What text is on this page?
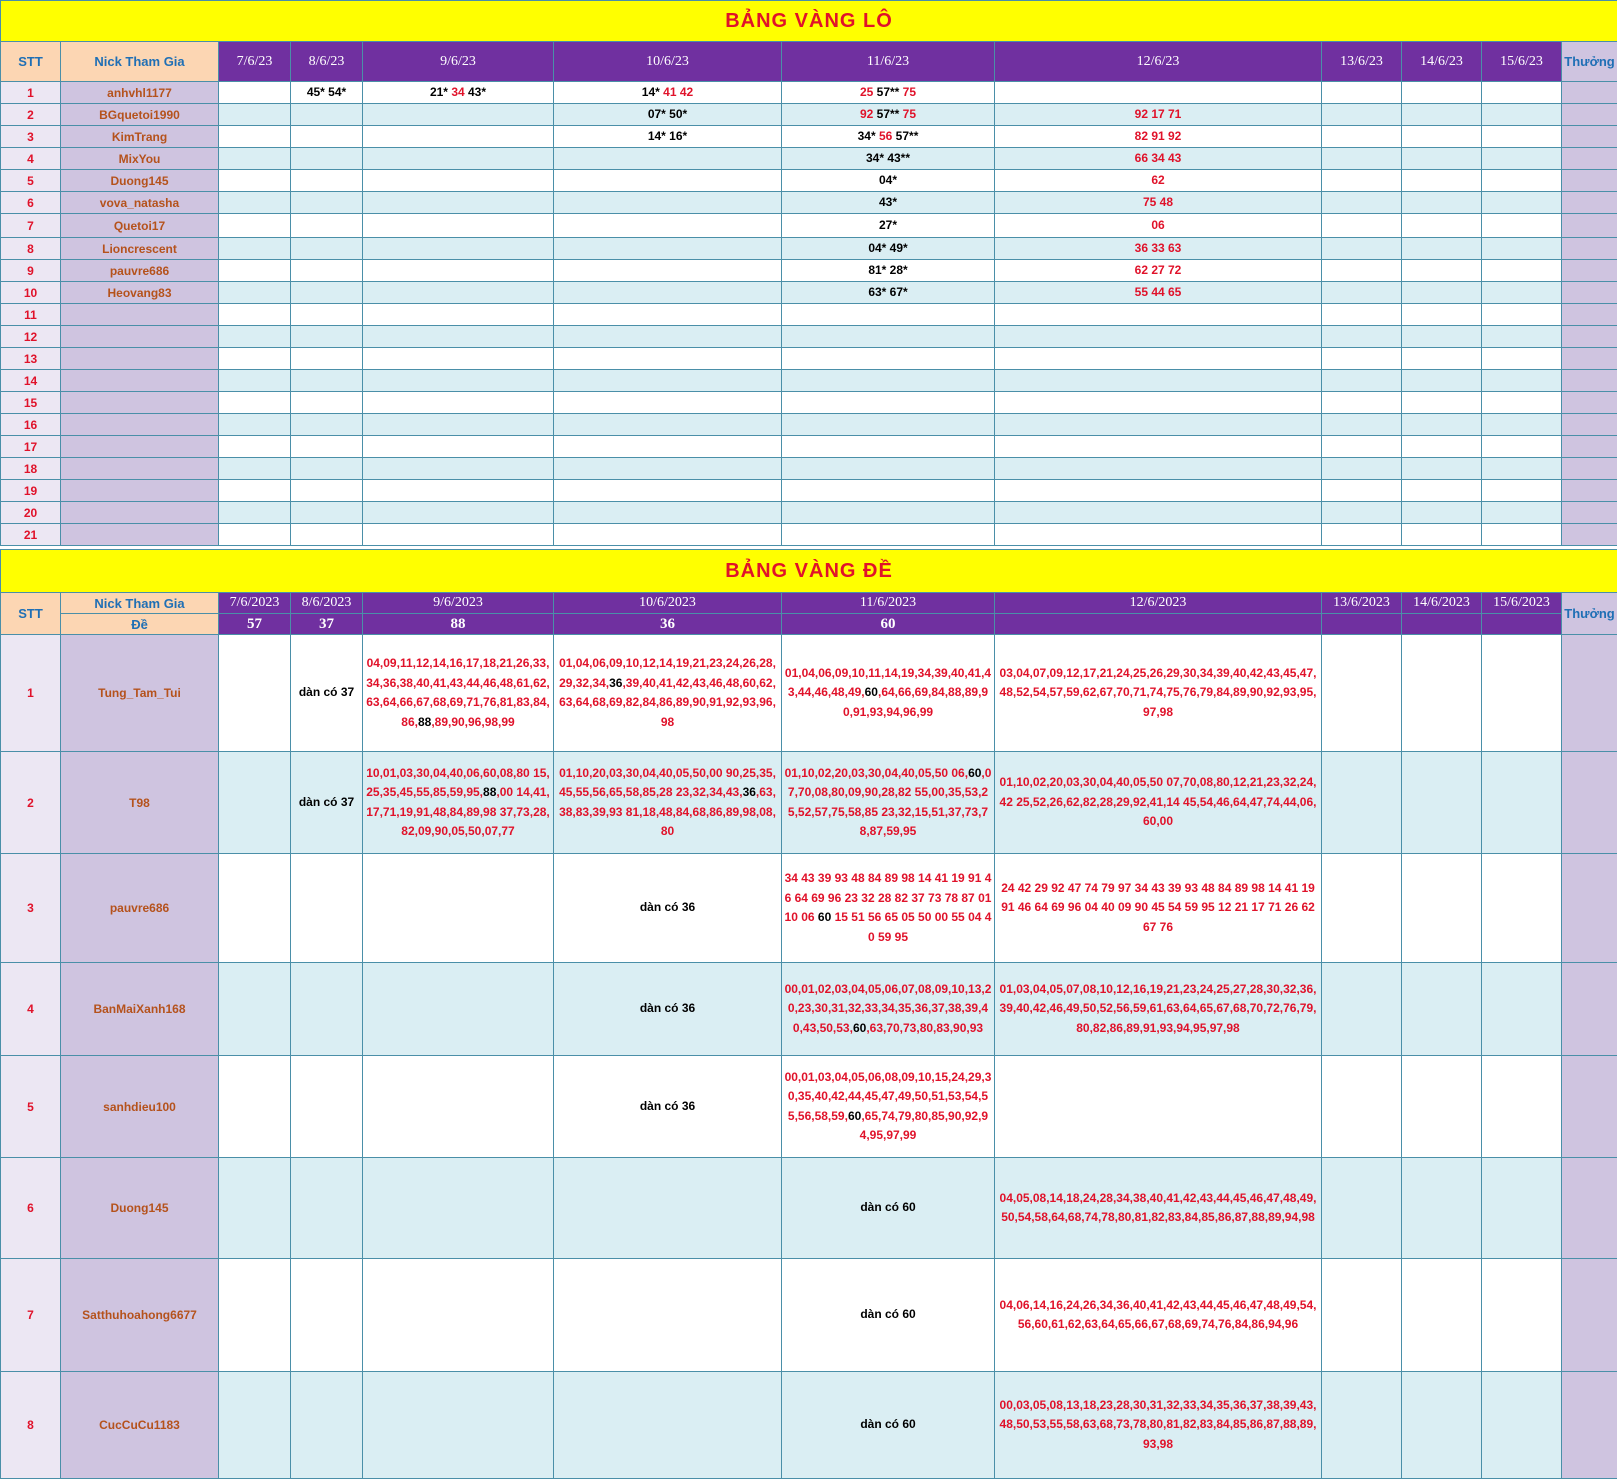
BẢNG VÀNG LÔ											
STT	Nick Tham Gia	7/6/23	8/6/23	9/6/23	10/6/23	11/6/23	12/6/23	13/6/23	14/6/23	15/6/23	Thưởng
1	anhvhl1177		45* 54*	21* 34 43*	14* 41 42	25 57** 75					
2	BGquetoi1990				07* 50*	92 57** 75	92 17 71				
3	KimTrang				14* 16*	34* 56 57**	82 91 92				
4	MixYou					34* 43**	66 34 43				
5	Duong145					04*	62				
6	vova_natasha					43*	75 48				
7	Quetoi17					27*	06				
8	Lioncrescent					04* 49*	36 33 63				
9	pauvre686					81* 28*	62 27 72				
10	Heovang83					63* 67*	55 44 65				
11											
12											
13											
14											
15											
16											
17											
18											
19											
20											
21											
BẢNG VÀNG ĐỀ											
STT	Nick Tham Gia	7/6/2023	8/6/2023	9/6/2023	10/6/2023	11/6/2023	12/6/2023	13/6/2023	14/6/2023	15/6/2023	Thưởng
	Đề	57	37	88	36	60					
1	Tung_Tam_Tui		dàn có 37	04,09,11,12,14,16,17,18,21,26,33,34,36,38,40,41,43,44,46,48,61,62,63,64,66,67,68,69,71,76,81,83,84,86,88,89,90,96,98,99	01,04,06,09,10,12,14,19,21,23,24,26,28,29,32,34,36,39,40,41,42,43,46,48,60,62,63,64,68,69,82,84,86,89,90,91,92,93,96,98	01,04,06,09,10,11,14,19,34,39,40,41,43,44,46,48,49,60,64,66,69,84,88,89,90,91,93,94,96,99	03,04,07,09,12,17,21,24,25,26,29,30,34,39,40,42,43,45,47,48,52,54,57,59,62,67,70,71,74,75,76,79,84,89,90,92,93,95,97,98				
2	T98		dàn có 37	10,01,03,30,04,40,06,60,08,80 15,25,35,45,55,85,59,95,88,00 14,41,17,71,19,91,48,84,89,98 37,73,28,82,09,90,05,50,07,77	01,10,20,03,30,04,40,05,50,00 90,25,35,45,55,56,65,58,85,28 23,32,34,43,36,63,38,83,39,93 81,18,48,84,68,86,89,98,08,80	01,10,02,20,03,30,04,40,05,50 06,60,07,70,08,80,09,90,28,82 55,00,35,53,25,52,57,75,58,85 23,32,15,51,37,73,78,87,59,95	01,10,02,20,03,30,04,40,05,50 07,70,08,80,12,21,23,32,24,42 25,52,26,62,82,28,29,92,41,14 45,54,46,64,47,74,44,06,60,00				
3	pauvre686				dàn có 36	34 43 39 93 48 84 89 98 14 41 19 91 46 64 69 96 23 32 28 82 37 73 78 87 01 10 06 60 15 51 56 65 05 50 00 55 04 40 59 95	24 42 29 92 47 74 79 97 34 43 39 93 48 84 89 98 14 41 19 91 46 64 69 96 04 40 09 90 45 54 59 95 12 21 17 71 26 62 67 76				
4	BanMaiXanh168				dàn có 36	00,01,02,03,04,05,06,07,08,09,10,13,20,23,30,31,32,33,34,35,36,37,38,39,40,43,50,53,60,63,70,73,80,83,90,93	01,03,04,05,07,08,10,12,16,19,21,23,24,25,27,28,30,32,36,39,40,42,46,49,50,52,56,59,61,63,64,65,67,68,70,72,76,79,80,82,86,89,91,93,94,95,97,98				
5	sanhdieu100				dàn có 36	00,01,03,04,05,06,08,09,10,15,24,29,30,35,40,42,44,45,47,49,50,51,53,54,55,56,58,59,60,65,74,79,80,85,90,92,94,95,97,99					
6	Duong145					dàn có 60	04,05,08,14,18,24,28,34,38,40,41,42,43,44,45,46,47,48,49,50,54,58,64,68,74,78,80,81,82,83,84,85,86,87,88,89,94,98				
7	Satthuhoahong6677					dàn có 60	04,06,14,16,24,26,34,36,40,41,42,43,44,45,46,47,48,49,54,56,60,61,62,63,64,65,66,67,68,69,74,76,84,86,94,96				
8	CucCuCu1183					dàn có 60	00,03,05,08,13,18,23,28,30,31,32,33,34,35,36,37,38,39,43,48,50,53,55,58,63,68,73,78,80,81,82,83,84,85,86,87,88,89,93,98				
